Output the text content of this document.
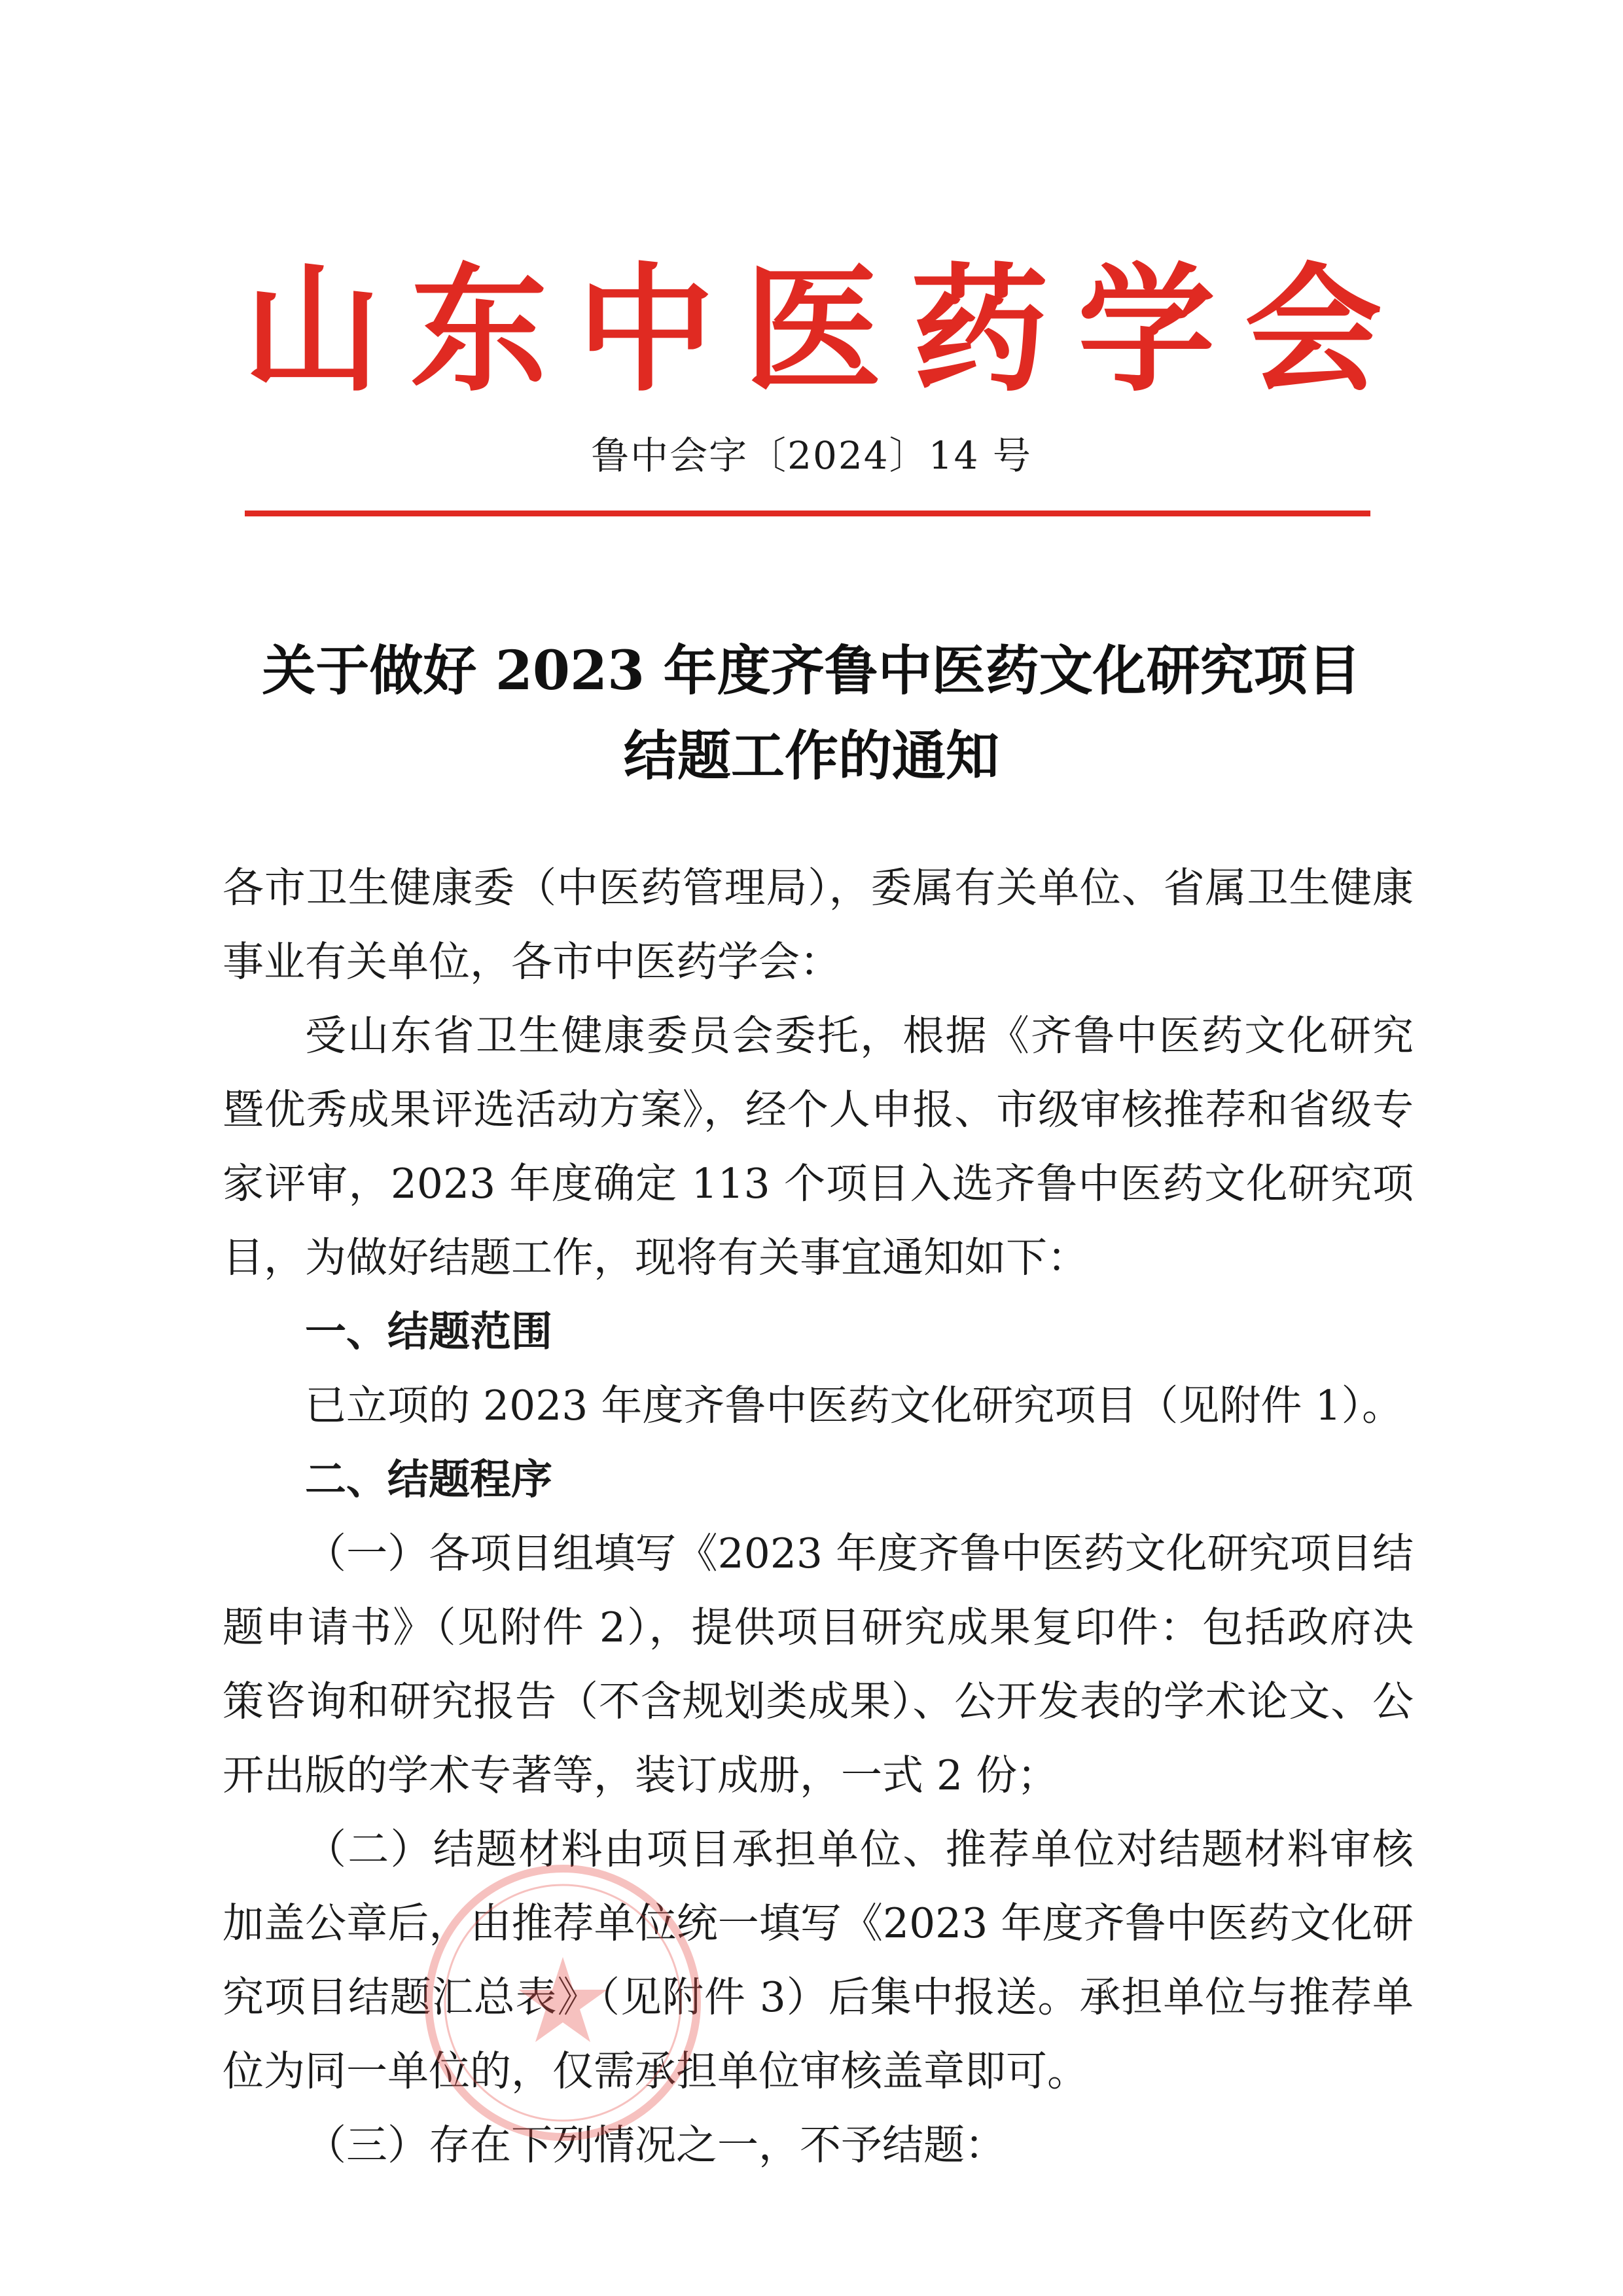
山 东 中 医 药 学 会
鲁中会字〔2024〕14 号
关于做好 2023 年度齐鲁中医药文化研究项目
结题工作的通知

各市卫生健康委（中医药管理局），委属有关单位、省属卫生健康事业有关单位，各市中医药学会：

受山东省卫生健康委员会委托，根据《齐鲁中医药文化研究暨优秀成果评选活动方案》，经个人申报、市级审核推荐和省级专家评审，2023 年度确定 113 个项目入选齐鲁中医药文化研究项目，为做好结题工作，现将有关事宜通知如下：

一、结题范围

已立项的 2023 年度齐鲁中医药文化研究项目（见附件 1）。

二、结题程序

（一）各项目组填写《2023 年度齐鲁中医药文化研究项目结题申请书》（见附件 2），提供项目研究成果复印件：包括政府决策咨询和研究报告（不含规划类成果）、公开发表的学术论文、公开出版的学术专著等，装订成册，一式 2 份；

（二）结题材料由项目承担单位、推荐单位对结题材料审核加盖公章后，由推荐单位统一填写《2023 年度齐鲁中医药文化研究项目结题汇总表》（见附件 3）后集中报送。承担单位与推荐单位为同一单位的，仅需承担单位审核盖章即可。

（三）存在下列情况之一，不予结题：
